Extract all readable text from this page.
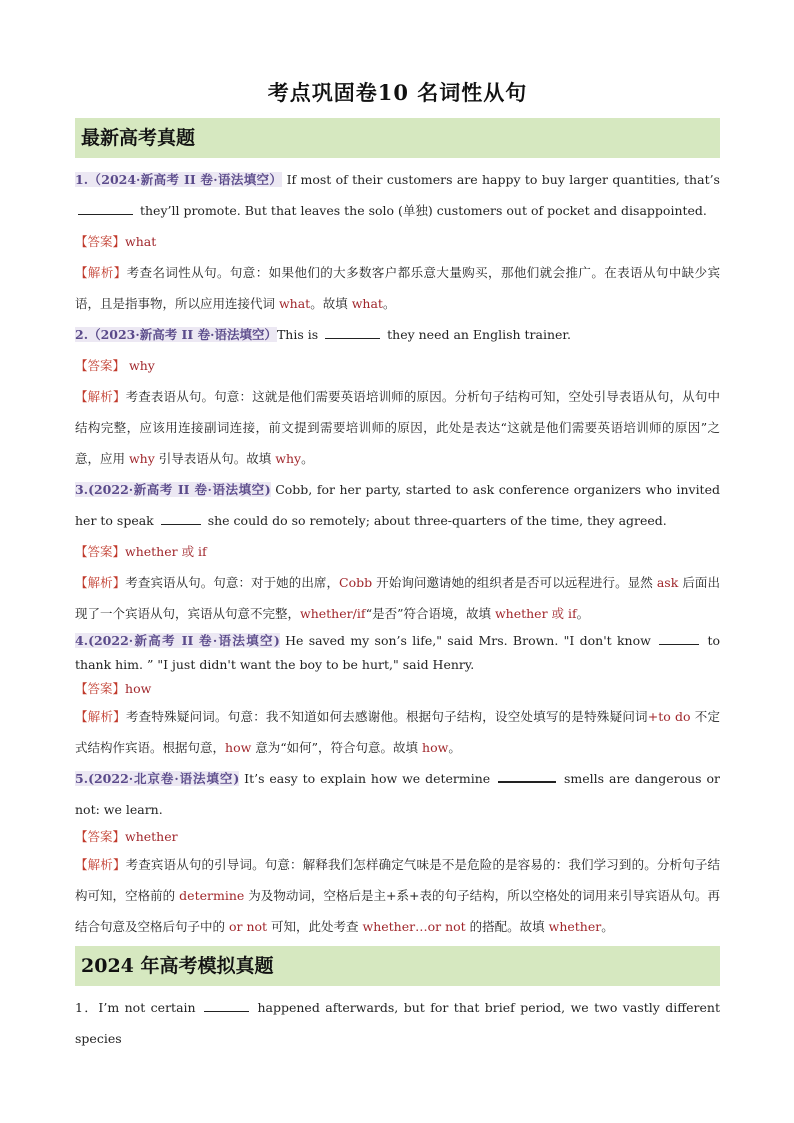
考点巩固卷10 名词性从句
最新高考真题
1.（2024·新高考 II 卷·语法填空） If most of their customers are happy to buy larger quantities, that’s  they’ll promote. But that leaves the solo (单独) customers out of pocket and disappointed.
【答案】what
【解析】考查名词性从句。句意：如果他们的大多数客户都乐意大量购买，那他们就会推广。在表语从句中缺少宾语，且是指事物，所以应用连接代词 what。故填 what。
2.（2023·新高考 II 卷·语法填空）This is	they need an English trainer.
【答案】 why
【解析】考查表语从句。句意：这就是他们需要英语培训师的原因。分析句子结构可知，空处引导表语从句，从句中结构完整，应该用连接副词连接，前文提到需要培训师的原因，此处是表达“这就是他们需要英语培训师的原因”之意，应用 why 引导表语从句。故填 why。
3.(2022·新高考 II 卷·语法填空) Cobb, for her party, started to ask conference organizers who invited her to speak	she could do so remotely; about three-quarters of the time, they agreed.
【答案】whether 或 if
【解析】考查宾语从句。句意：对于她的出席，Cobb 开始询问邀请她的组织者是否可以远程进行。显然 ask 后面出现了一个宾语从句，宾语从句意不完整，whether/if“是否”符合语境，故填 whether 或 if。
4.(2022·新高考 II 卷·语法填空) He saved my son’s life," said Mrs. Brown. "I don't know	to thank him. ” "I just didn't want the boy to be hurt," said Henry.
【答案】how
【解析】考查特殊疑问词。句意：我不知道如何去感谢他。根据句子结构，设空处填写的是特殊疑问词+to do 不定式结构作宾语。根据句意，how 意为“如何”，符合句意。故填 how。
5.(2022·北京卷·语法填空) It’s easy to explain how we determine	smells are dangerous or not: we learn.
【答案】whether
【解析】考查宾语从句的引导词。句意：解释我们怎样确定气味是不是危险的是容易的：我们学习到的。分析句子结构可知，空格前的 determine 为及物动词，空格后是主+系+表的句子结构，所以空格处的词用来引导宾语从句。再结合句意及空格后句子中的 or not 可知，此处考查 whether…or not 的搭配。故填 whether。
2024 年高考模拟真题
1．I’m not certain	happened afterwards, but for that brief period, we two vastly different species
